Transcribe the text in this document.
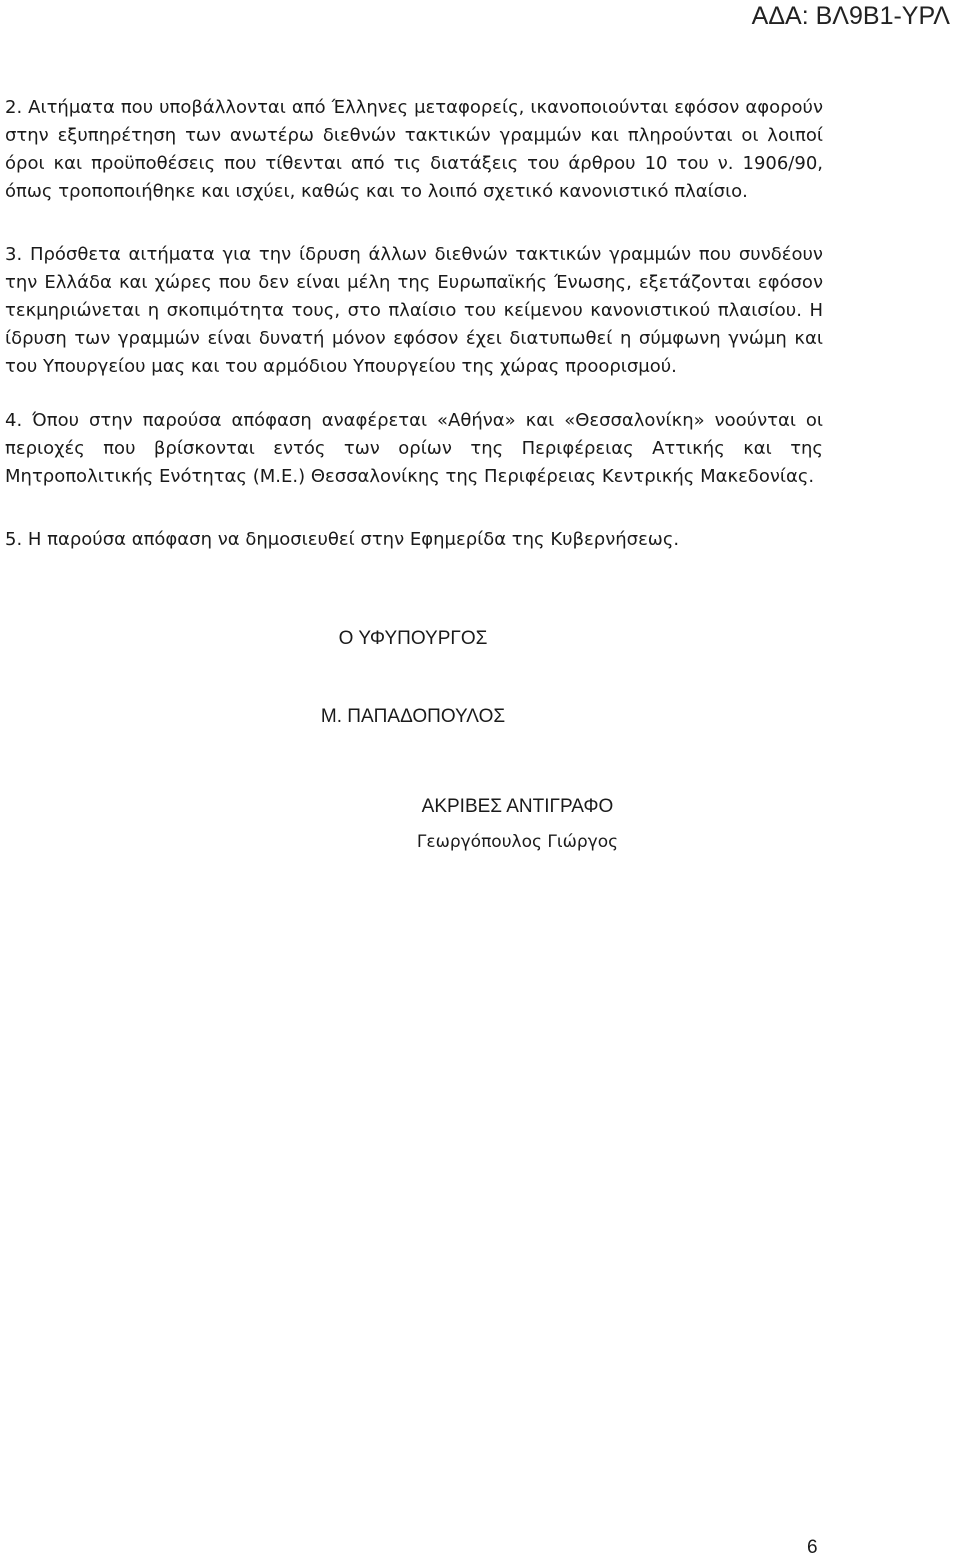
ΑΔΑ: ΒΛ9Β1-ΥΡΛ

2. Αιτήματα που υποβάλλονται από Έλληνες μεταφορείς, ικανοποιούνται εφόσον αφορούν στην εξυπηρέτηση των ανωτέρω διεθνών τακτικών γραμμών και πληρούνται οι λοιποί όροι και προϋποθέσεις που τίθενται από τις διατάξεις του άρθρου 10 του ν. 1906/90, όπως τροποποιήθηκε και ισχύει, καθώς και το λοιπό σχετικό κανονιστικό πλαίσιο.

3. Πρόσθετα αιτήματα για την ίδρυση άλλων διεθνών τακτικών γραμμών που συνδέουν την Ελλάδα και χώρες που δεν είναι μέλη της Ευρωπαϊκής Ένωσης, εξετάζονται εφόσον τεκμηριώνεται η σκοπιμότητα τους, στο πλαίσιο του κείμενου κανονιστικού πλαισίου. Η ίδρυση των γραμμών είναι δυνατή μόνον εφόσον έχει διατυπωθεί η σύμφωνη γνώμη και του Υπουργείου μας και του αρμόδιου Υπουργείου της χώρας προορισμού.

4. Όπου στην παρούσα απόφαση αναφέρεται «Αθήνα» και «Θεσσαλονίκη» νοούνται οι περιοχές που βρίσκονται εντός των ορίων της Περιφέρειας Αττικής και της Μητροπολιτικής Ενότητας (Μ.Ε.) Θεσσαλονίκης της Περιφέρειας Κεντρικής Μακεδονίας.

5. Η παρούσα απόφαση να δημοσιευθεί στην Εφημερίδα της Κυβερνήσεως.

Ο ΥΦΥΠΟΥΡΓΟΣ
Μ. ΠΑΠΑΔΟΠΟΥΛΟΣ
ΑΚΡΙΒΕΣ ΑΝΤΙΓΡΑΦΟ
Γεωργόπουλος Γιώργος
6
